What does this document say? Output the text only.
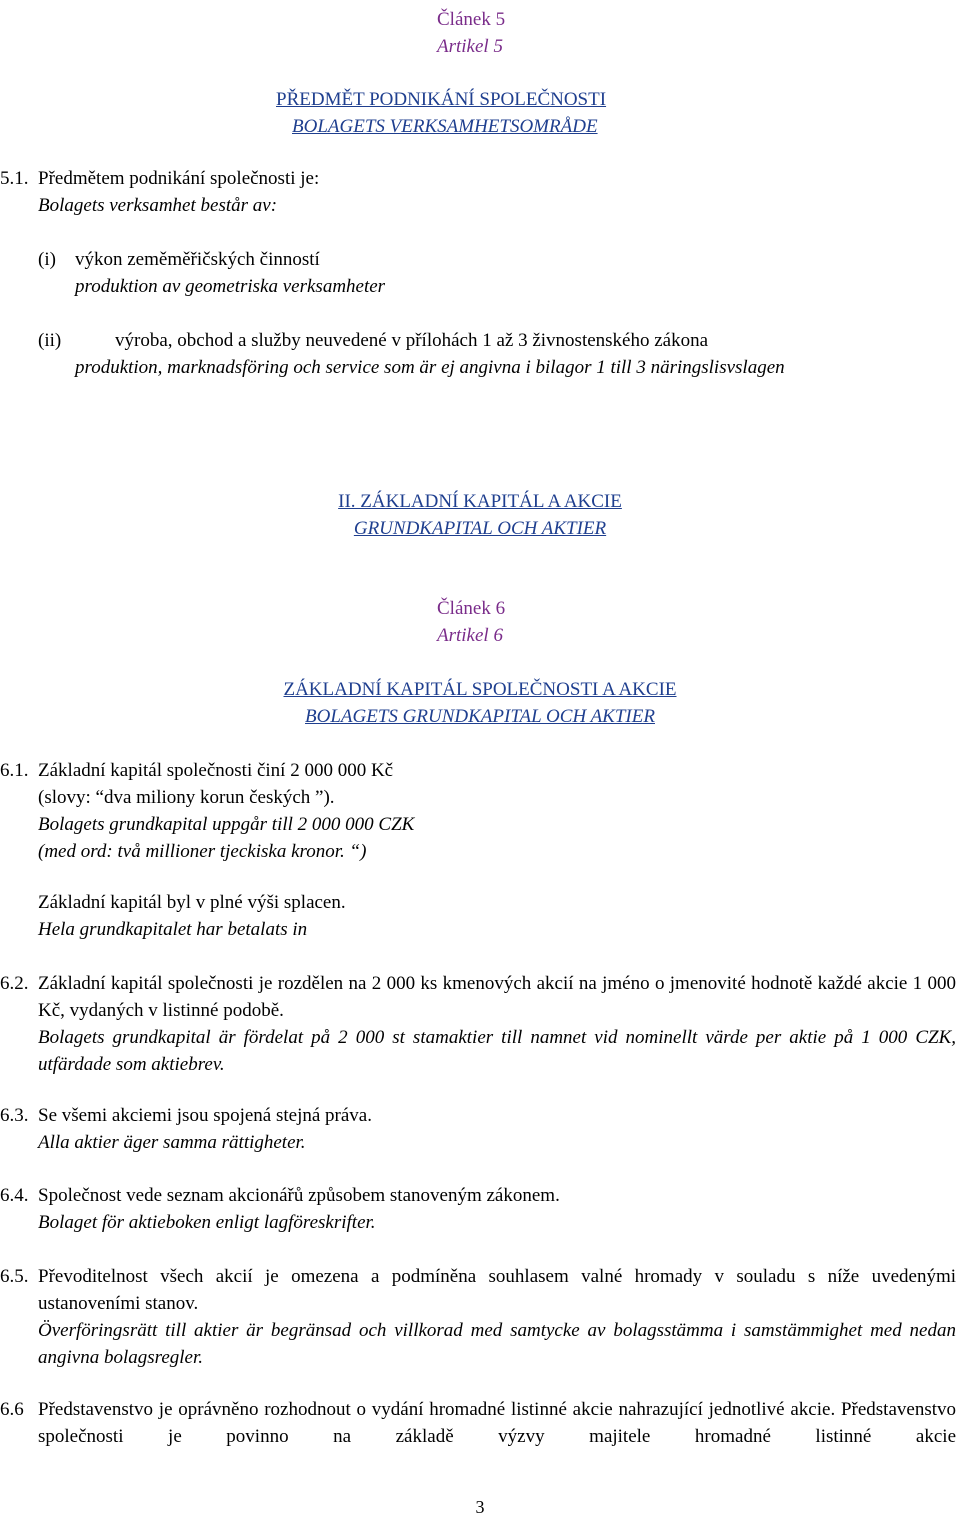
Článek 5
Artikel 5
PŘEDMĚT PODNIKÁNÍ SPOLEČNOSTI
BOLAGETS VERKSAMHETSOMRÅDE
5.1. Předmětem podnikání společnosti je:
Bolagets verksamhet består av:
(i) výkon zeměměřičských činností
produktion av geometriska verksamheter
(ii)	výroba, obchod a služby neuvedené v přílohách 1 až 3 živnostenského zákona
produktion, marknadsföring och service som är ej angivna i bilagor 1 till 3 näringslisvslagen
II. ZÁKLADNÍ KAPITÁL A AKCIE
GRUNDKAPITAL OCH AKTIER
Článek 6
Artikel 6
ZÁKLADNÍ KAPITÁL SPOLEČNOSTI A AKCIE
BOLAGETS GRUNDKAPITAL OCH AKTIER
6.1. Základní kapitál společnosti činí 2 000 000 Kč
(slovy: “dva miliony korun českých ”).
Bolagets grundkapital uppgår till 2 000 000 CZK
(med ord: två millioner tjeckiska kronor. “)
Základní kapitál byl v plné výši splacen.
Hela grundkapitalet har betalats in
6.2. Základní kapitál společnosti je rozdělen na 2 000 ks kmenových akcií na jméno o jmenovité hodnotě každé akcie 1 000 Kč, vydaných v listinné podobě.
Bolagets grundkapital är fördelat på 2 000 st stamaktier till namnet vid nominellt värde per aktie på 1 000 CZK, utfärdade som aktiebrev.
6.3. Se všemi akciemi jsou spojená stejná práva.
Alla aktier äger samma rättigheter.
6.4. Společnost vede seznam akcionářů způsobem stanoveným zákonem.
Bolaget för aktieboken enligt lagföreskrifter.
6.5. Převoditelnost všech akcií je omezena a podmíněna souhlasem valné hromady v souladu s níže uvedenými ustanoveními stanov.
Överföringsrätt till aktier är begränsad och villkorad med samtycke av bolagsstämma i samstämmighet med nedan angivna bolagsregler.
6.6 Představenstvo je oprávněno rozhodnout o vydání hromadné listinné akcie nahrazující jednotlivé akcie. Představenstvo společnosti je povinno na základě výzvy majitele hromadné listinné akcie
3
